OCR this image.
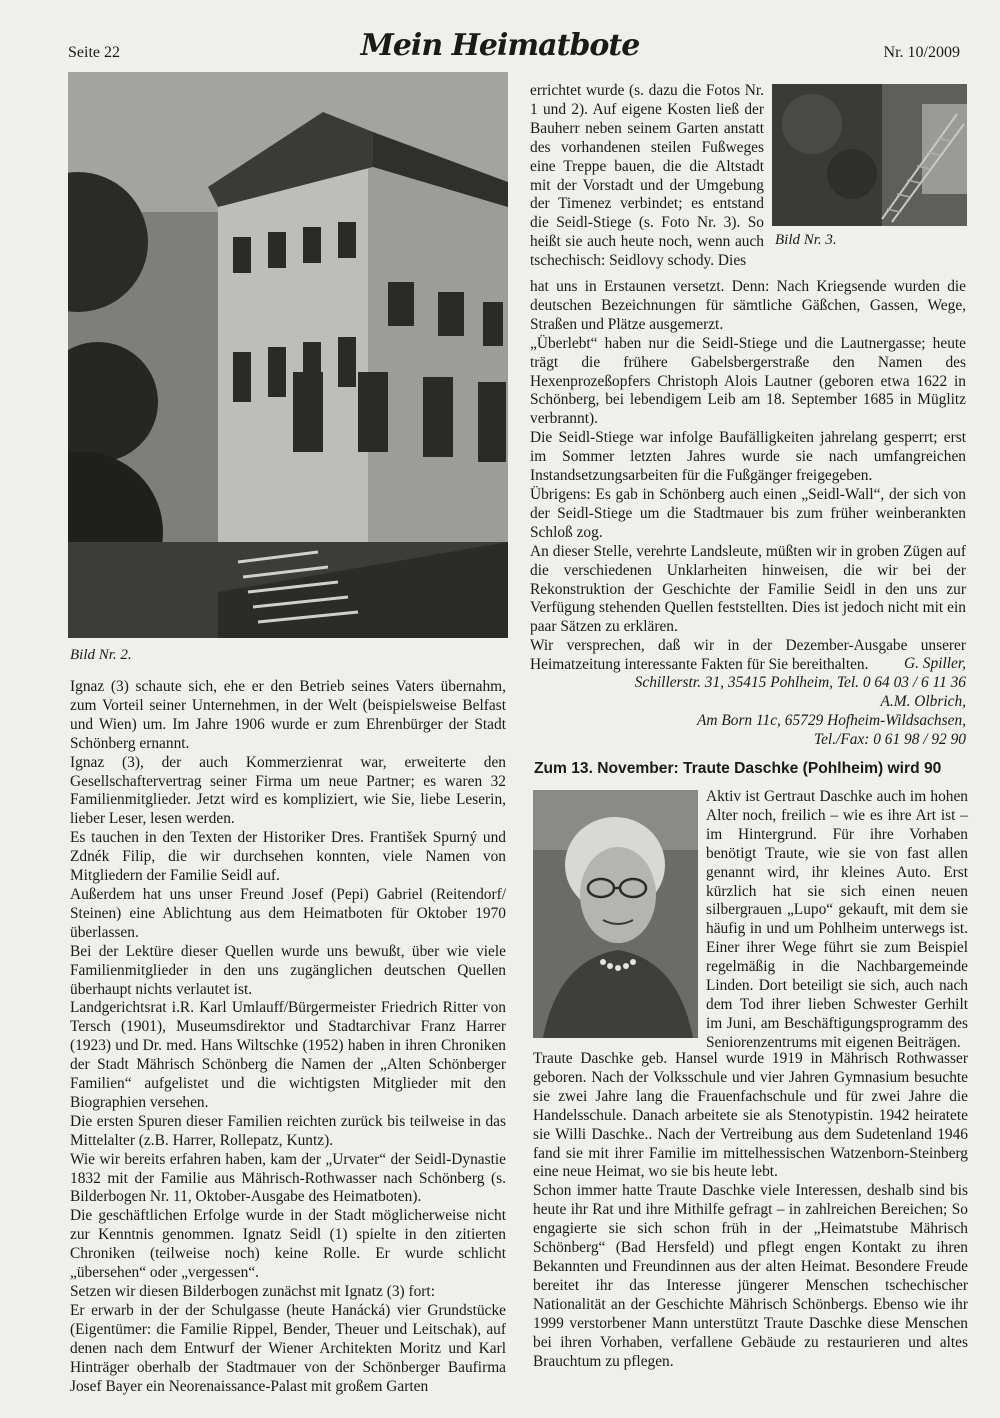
Seite 22	Mein Heimatbote	Nr. 10/2009
Bild Nr. 2.

Ignaz (3) schaute sich, ehe er den Betrieb seines Vaters übernahm, zum Vorteil seiner Unternehmen, in der Welt (beispielsweise Belfast und Wien) um. Im Jahre 1906 wurde er zum Ehrenbürger der Stadt Schönberg ernannt.

Ignaz (3), der auch Kommerzienrat war, erweiterte den Gesellschaftervertrag seiner Firma um neue Partner; es waren 32 Familienmitglieder. Jetzt wird es kompliziert, wie Sie, liebe Leserin, lieber Leser, lesen werden.

Es tauchen in den Texten der Historiker Dres. František Spurný und Zdnék Filip, die wir durchsehen konnten, viele Namen von Mitgliedern der Familie Seidl auf.

Außerdem hat uns unser Freund Josef (Pepi) Gabriel (Reitendorf/ Steinen) eine Ablichtung aus dem Heimatboten für Oktober 1970 überlassen.

Bei der Lektüre dieser Quellen wurde uns bewußt, über wie viele Familienmitglieder in den uns zugänglichen deutschen Quellen überhaupt nichts verlautet ist.

Landgerichtsrat i.R. Karl Umlauff/Bürgermeister Friedrich Ritter von Tersch (1901), Museumsdirektor und Stadtarchivar Franz Harrer (1923) und Dr. med. Hans Wiltschke (1952) haben in ihren Chroniken der Stadt Mährisch Schönberg die Namen der „Alten Schönberger Familien“ aufgelistet und die wichtigsten Mitglieder mit den Biographien versehen.

Die ersten Spuren dieser Familien reichten zurück bis teilweise in das Mittelalter (z.B. Harrer, Rollepatz, Kuntz).

Wie wir bereits erfahren haben, kam der „Urvater“ der Seidl-Dynastie 1832 mit der Familie aus Mährisch-Rothwasser nach Schönberg (s. Bilderbogen Nr. 11, Oktober-Ausgabe des Heimatboten).

Die geschäftlichen Erfolge wurde in der Stadt möglicherweise nicht zur Kenntnis genommen. Ignatz Seidl (1) spielte in den zitierten Chroniken (teilweise noch) keine Rolle. Er wurde schlicht „übersehen“ oder „vergessen“.

Setzen wir diesen Bilderbogen zunächst mit Ignatz (3) fort:

Er erwarb in der der Schulgasse (heute Hanácká) vier Grundstücke (Eigentümer: die Familie Rippel, Bender, Theuer und Leitschak), auf denen nach dem Entwurf der Wiener Architekten Moritz und Karl Hinträger oberhalb der Stadtmauer von der Schönberger Baufirma Josef Bayer ein Neorenaissance-Palast mit großem Garten

Bild Nr. 3.

errichtet wurde (s. dazu die Fotos Nr. 1 und 2). Auf eigene Kosten ließ der Bauherr neben seinem Garten anstatt des vorhandenen steilen Fußweges eine Treppe bauen, die die Altstadt mit der Vorstadt und der Umgebung der Timenez verbindet; es entstand die Seidl-Stiege (s. Foto Nr. 3). So heißt sie auch heute noch, wenn auch tschechisch: Seidlovy schody. Dies

hat uns in Erstaunen versetzt. Denn: Nach Kriegsende wurden die deutschen Bezeichnungen für sämtliche Gäßchen, Gassen, Wege, Straßen und Plätze ausgemerzt.

„Überlebt“ haben nur die Seidl-Stiege und die Lautnergasse; heute trägt die frühere Gabelsbergerstraße den Namen des Hexenprozeßopfers Christoph Alois Lautner (geboren etwa 1622 in Schönberg, bei lebendigem Leib am 18. September 1685 in Müglitz verbrannt).

Die Seidl-Stiege war infolge Baufälligkeiten jahrelang gesperrt; erst im Sommer letzten Jahres wurde sie nach umfangreichen Instandsetzungsarbeiten für die Fußgänger freigegeben.

Übrigens: Es gab in Schönberg auch einen „Seidl-Wall“, der sich von der Seidl-Stiege um die Stadtmauer bis zum früher weinberankten Schloß zog.

An dieser Stelle, verehrte Landsleute, müßten wir in groben Zügen auf die verschiedenen Unklarheiten hinweisen, die wir bei der Rekonstruktion der Geschichte der Familie Seidl in den uns zur Verfügung stehenden Quellen feststellten. Dies ist jedoch nicht mit ein paar Sätzen zu erklären.

Wir versprechen, daß wir in der Dezember-Ausgabe unserer Heimatzeitung interessante Fakten für Sie bereithalten.	G. Spiller,

Schillerstr. 31, 35415 Pohlheim, Tel. 0 64 03 / 6 11 36

A.M. Olbrich,

Am Born 11c, 65729 Hofheim-Wildsachsen,

Tel./Fax: 0 61 98 / 92 90

Zum 13. November: Traute Daschke (Pohlheim) wird 90

Aktiv ist Gertraut Daschke auch im hohen Alter noch, freilich – wie es ihre Art ist – im Hintergrund. Für ihre Vorhaben benötigt Traute, wie sie von fast allen genannt wird, ihr kleines Auto. Erst kürzlich hat sie sich einen neuen silbergrauen „Lupo“ gekauft, mit dem sie häufig in und um Pohlheim unterwegs ist. Einer ihrer Wege führt sie zum Beispiel regelmäßig in die Nachbargemeinde Linden. Dort beteiligt sie sich, auch nach dem Tod ihrer lieben Schwester Gerhilt im Juni, am Beschäftigungsprogramm des Seniorenzentrums mit eigenen Beiträgen.

Traute Daschke geb. Hansel wurde 1919 in Mährisch Rothwasser geboren. Nach der Volksschule und vier Jahren Gymnasium besuchte sie zwei Jahre lang die Frauenfachschule und für zwei Jahre die Handelsschule. Danach arbeitete sie als Stenotypistin. 1942 heiratete sie Willi Daschke.. Nach der Vertreibung aus dem Sudetenland 1946 fand sie mit ihrer Familie im mittelhessischen Watzenborn-Steinberg eine neue Heimat, wo sie bis heute lebt.

Schon immer hatte Traute Daschke viele Interessen, deshalb sind bis heute ihr Rat und ihre Mithilfe gefragt – in zahlreichen Bereichen; So engagierte sie sich schon früh in der „Heimatstube Mährisch Schönberg“ (Bad Hersfeld) und pflegt engen Kontakt zu ihren Bekannten und Freundinnen aus der alten Heimat. Besondere Freude bereitet ihr das Interesse jüngerer Menschen tschechischer Nationalität an der Geschichte Mährisch Schönbergs. Ebenso wie ihr 1999 verstorbener Mann unterstützt Traute Daschke diese Menschen bei ihren Vorhaben, verfallene Gebäude zu restaurieren und altes Brauchtum zu pflegen.
